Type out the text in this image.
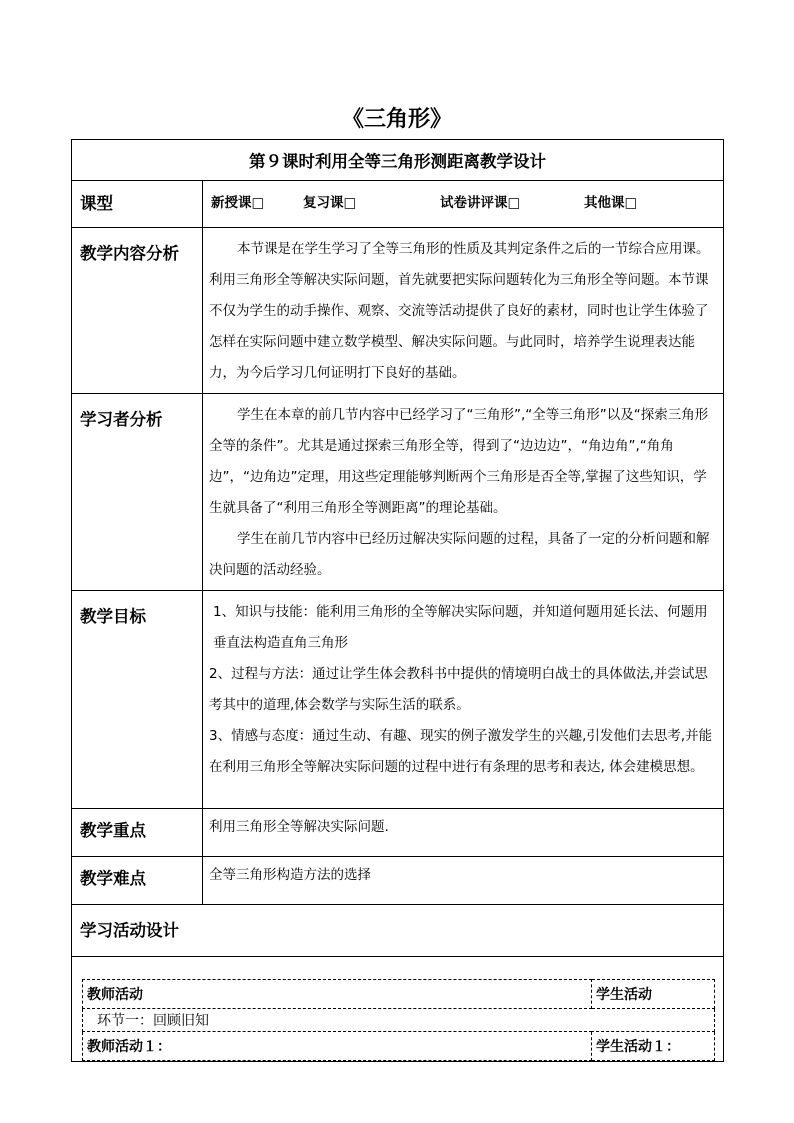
《三角形》
第９课时利用全等三角形测距离教学设计
课型	新授课□	复习课□	试卷讲评课□	其他课□

教学内容分析	本节课是在学生学习了全等三角形的性质及其判定条件之后的一节综合应用课。利用三角形全等解决实际问题，首先就要把实际问题转化为三角形全等问题。本节课不仅为学生的动手操作、观察、交流等活动提供了良好的素材，同时也让学生体验了怎样在实际问题中建立数学模型、解决实际问题。与此同时，培养学生说理表达能力，为今后学习几何证明打下良好的基础。

学习者分析	学生在本章的前几节内容中已经学习了“三角形”,“全等三角形”以及“探索三角形全等的条件”。尤其是通过探索三角形全等，得到了“边边边”，“角边角”,“角角边”，“边角边”定理，用这些定理能够判断两个三角形是否全等,掌握了这些知识，学生就具备了“利用三角形全等测距离”的理论基础。

学生在前几节内容中已经历过解决实际问题的过程，具备了一定的分析问题和解决问题的活动经验。

教学目标	1、知识与技能：能利用三角形的全等解决实际问题，并知道何题用延长法、何题用垂直法构造直角三角形

2、过程与方法：通过让学生体会教科书中提供的情境明白战士的具体做法,并尝试思考其中的道理,体会数学与实际生活的联系。

3、情感与态度：通过生动、有趣、现实的例子激发学生的兴趣,引发他们去思考,并能在利用三角形全等解决实际问题的过程中进行有条理的思考和表达, 体会建模思想。

教学重点	利用三角形全等解决实际问题.

教学难点	全等三角形构造方法的选择

学习活动设计

教师活动	学生活动
环节一：回顾旧知
教师活动１：	学生活动１：
